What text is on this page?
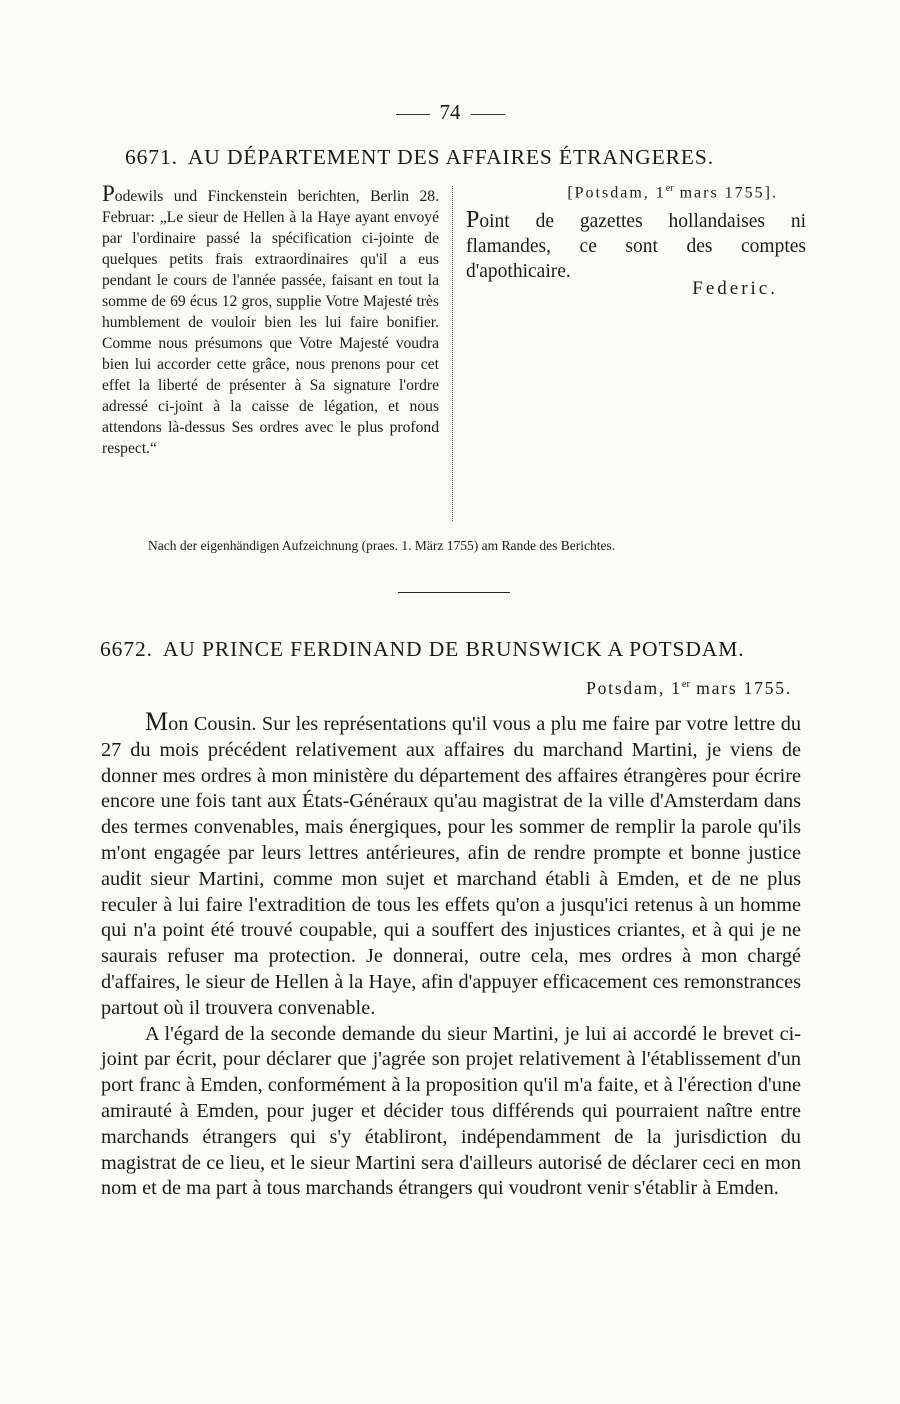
74
6671. AU DÉPARTEMENT DES AFFAIRES ÉTRANGERES.
Podewils und Finckenstein berichten, Berlin 28. Februar: „Le sieur de Hellen à la Haye ayant envoyé par l'ordinaire passé la spécification ci-jointe de quelques petits frais extraordinaires qu'il a eus pendant le cours de l'année passée, faisant en tout la somme de 69 écus 12 gros, supplie Votre Majesté très humblement de vouloir bien les lui faire bonifier. Comme nous présumons que Votre Majesté voudra bien lui accorder cette grâce, nous prenons pour cet effet la liberté de présenter à Sa signature l'ordre adressé ci-joint à la caisse de légation, et nous attendons là-dessus Ses ordres avec le plus profond respect.“
[Potsdam, 1er mars 1755].
Point de gazettes hollandaises ni flamandes, ce sont des comptes d'apothicaire.
Federic.
Nach der eigenhändigen Aufzeichnung (praes. 1. März 1755) am Rande des Berichtes.
6672. AU PRINCE FERDINAND DE BRUNSWICK A POTSDAM.
Potsdam, 1er mars 1755.

Mon Cousin. Sur les représentations qu'il vous a plu me faire par votre lettre du 27 du mois précédent relativement aux affaires du marchand Martini, je viens de donner mes ordres à mon ministère du département des affaires étrangères pour écrire encore une fois tant aux États-Généraux qu'au magistrat de la ville d'Amsterdam dans des termes convenables, mais énergiques, pour les sommer de remplir la parole qu'ils m'ont engagée par leurs lettres antérieures, afin de rendre prompte et bonne justice audit sieur Martini, comme mon sujet et marchand établi à Emden, et de ne plus reculer à lui faire l'extradition de tous les effets qu'on a jusqu'ici retenus à un homme qui n'a point été trouvé coupable, qui a souffert des injustices criantes, et à qui je ne saurais refuser ma protection. Je donnerai, outre cela, mes ordres à mon chargé d'affaires, le sieur de Hellen à la Haye, afin d'appuyer efficacement ces remonstrances partout où il trouvera convenable.

A l'égard de la seconde demande du sieur Martini, je lui ai accordé le brevet ci-joint par écrit, pour déclarer que j'agrée son projet relativement à l'établissement d'un port franc à Emden, conformément à la proposition qu'il m'a faite, et à l'érection d'une amirauté à Emden, pour juger et décider tous différends qui pourraient naître entre marchands étrangers qui s'y établiront, indépendamment de la jurisdiction du magistrat de ce lieu, et le sieur Martini sera d'ailleurs autorisé de déclarer ceci en mon nom et de ma part à tous marchands étrangers qui voudront venir s'établir à Emden.
